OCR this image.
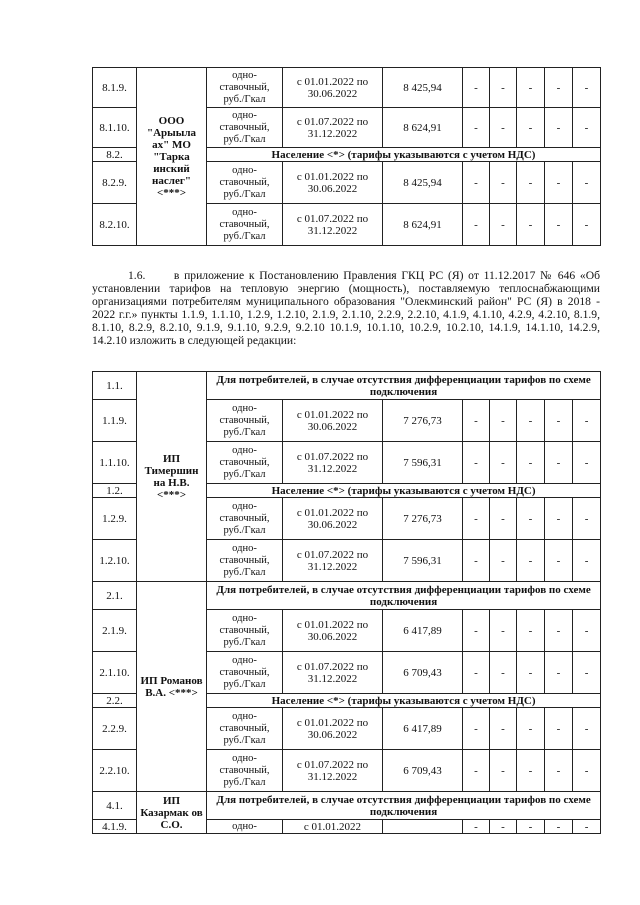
8.1.9.	ООО "Арыыла ах" МО "Тарка инский наслег" <***>	одно-ставочный, руб./Гкал	с 01.01.2022 по 30.06.2022	8 425,94	-	-	-	-	-
8.1.10.		одно-ставочный, руб./Гкал	с 01.07.2022 по 31.12.2022	8 624,91	-	-	-	-	-
8.2.		Население <*> (тарифы указываются с учетом НДС)							
8.2.9.		одно-ставочный, руб./Гкал	с 01.01.2022 по 30.06.2022	8 425,94	-	-	-	-	-
8.2.10.		одно-ставочный, руб./Гкал	с 01.07.2022 по 31.12.2022	8 624,91	-	-	-	-	-
1.6.      в приложение к Постановлению Правления ГКЦ РС (Я) от 11.12.2017 № 646 «Об установлении тарифов на тепловую энергию (мощность), поставляемую теплоснабжающими организациями потребителям муниципального образования "Олекминский район" РС (Я) в 2018 - 2022 г.г.» пункты 1.1.9, 1.1.10, 1.2.9, 1.2.10, 2.1.9, 2.1.10, 2.2.9, 2.2.10, 4.1.9, 4.1.10, 4.2.9, 4.2.10, 8.1.9, 8.1.10, 8.2.9, 8.2.10, 9.1.9, 9.1.10, 9.2.9, 9.2.10 10.1.9, 10.1.10, 10.2.9, 10.2.10, 14.1.9, 14.1.10, 14.2.9, 14.2.10 изложить в следующей редакции:
1.1.	ИП Тимершин на Н.В. <***>	Для потребителей, в случае отсутствия дифференциации тарифов по схеме подключения							
1.1.9.		одно-ставочный, руб./Гкал	с 01.01.2022 по 30.06.2022	7 276,73	-	-	-	-	-
1.1.10.		одно-ставочный, руб./Гкал	с 01.07.2022 по 31.12.2022	7 596,31	-	-	-	-	-
1.2.		Население <*> (тарифы указываются с учетом НДС)							
1.2.9.		одно-ставочный, руб./Гкал	с 01.01.2022 по 30.06.2022	7 276,73	-	-	-	-	-
1.2.10.		одно-ставочный, руб./Гкал	с 01.07.2022 по 31.12.2022	7 596,31	-	-	-	-	-
2.1.	ИП Романов В.А. <***>	Для потребителей, в случае отсутствия дифференциации тарифов по схеме подключения							
2.1.9.		одно-ставочный, руб./Гкал	с 01.01.2022 по 30.06.2022	6 417,89	-	-	-	-	-
2.1.10.		одно-ставочный, руб./Гкал	с 01.07.2022 по 31.12.2022	6 709,43	-	-	-	-	-
2.2.		Население <*> (тарифы указываются с учетом НДС)							
2.2.9.		одно-ставочный, руб./Гкал	с 01.01.2022 по 30.06.2022	6 417,89	-	-	-	-	-
2.2.10.		одно-ставочный, руб./Гкал	с 01.07.2022 по 31.12.2022	6 709,43	-	-	-	-	-
4.1.	ИП Казармак ов С.О.	Для потребителей, в случае отсутствия дифференциации тарифов по схеме подключения							
4.1.9.		одно-	с 01.01.2022		-	-	-	-	-
